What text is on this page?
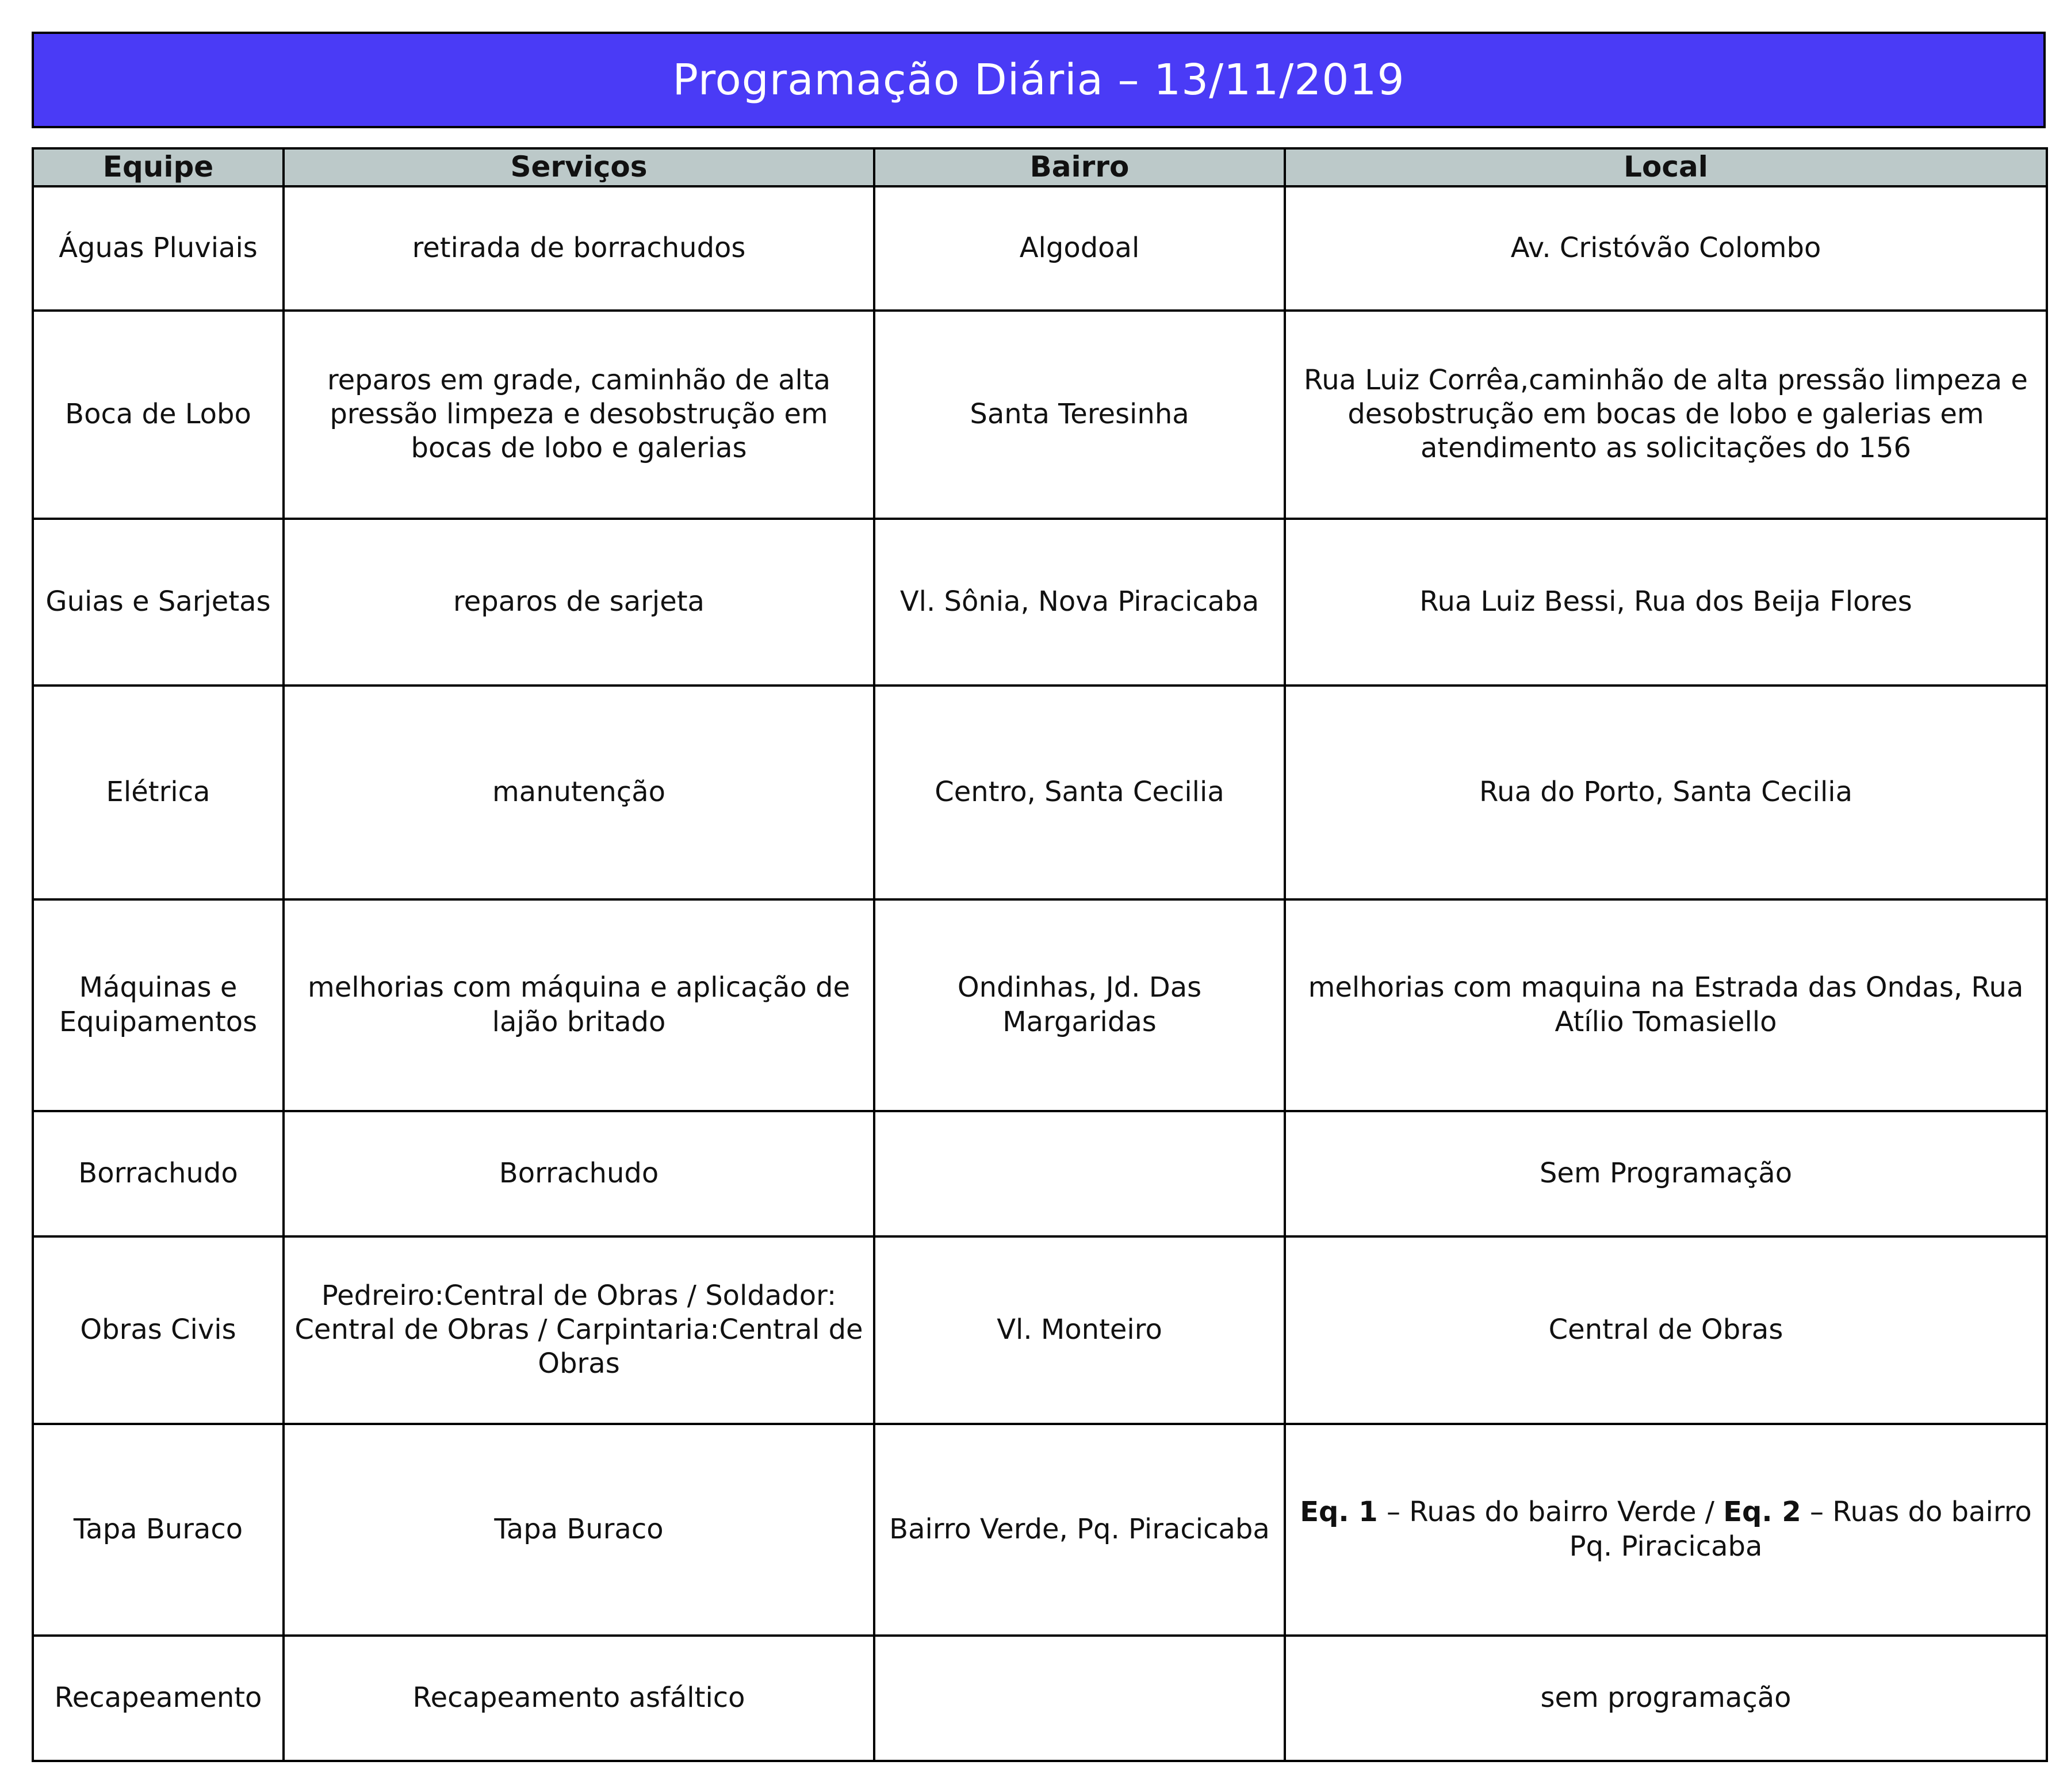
Programação Diária – 13/11/2019
Equipe	Serviços	Bairro	Local
Águas Pluviais	retirada de borrachudos	Algodoal	Av. Cristóvão Colombo
Boca de Lobo	reparos em grade, caminhão de alta pressão limpeza e desobstrução em bocas de lobo e galerias	Santa Teresinha	Rua Luiz Corrêa,caminhão de alta pressão limpeza e desobstrução em bocas de lobo e galerias em atendimento as solicitações do 156
Guias e Sarjetas	reparos de sarjeta	Vl. Sônia, Nova Piracicaba	Rua Luiz Bessi, Rua dos Beija Flores
Elétrica	manutenção	Centro, Santa Cecilia	Rua do Porto, Santa Cecilia
Máquinas e Equipamentos	melhorias com máquina e aplicação de lajão britado	Ondinhas, Jd. Das Margaridas	melhorias com maquina na Estrada das Ondas, Rua Atílio Tomasiello
Borrachudo	Borrachudo		Sem Programação
Obras Civis	Pedreiro:Central de Obras / Soldador: Central de Obras / Carpintaria:Central de Obras	Vl. Monteiro	Central de Obras
Tapa Buraco	Tapa Buraco	Bairro Verde, Pq. Piracicaba	Eq. 1 – Ruas do bairro Verde / Eq. 2 – Ruas do bairro Pq. Piracicaba
Recapeamento	Recapeamento asfáltico		sem programação
